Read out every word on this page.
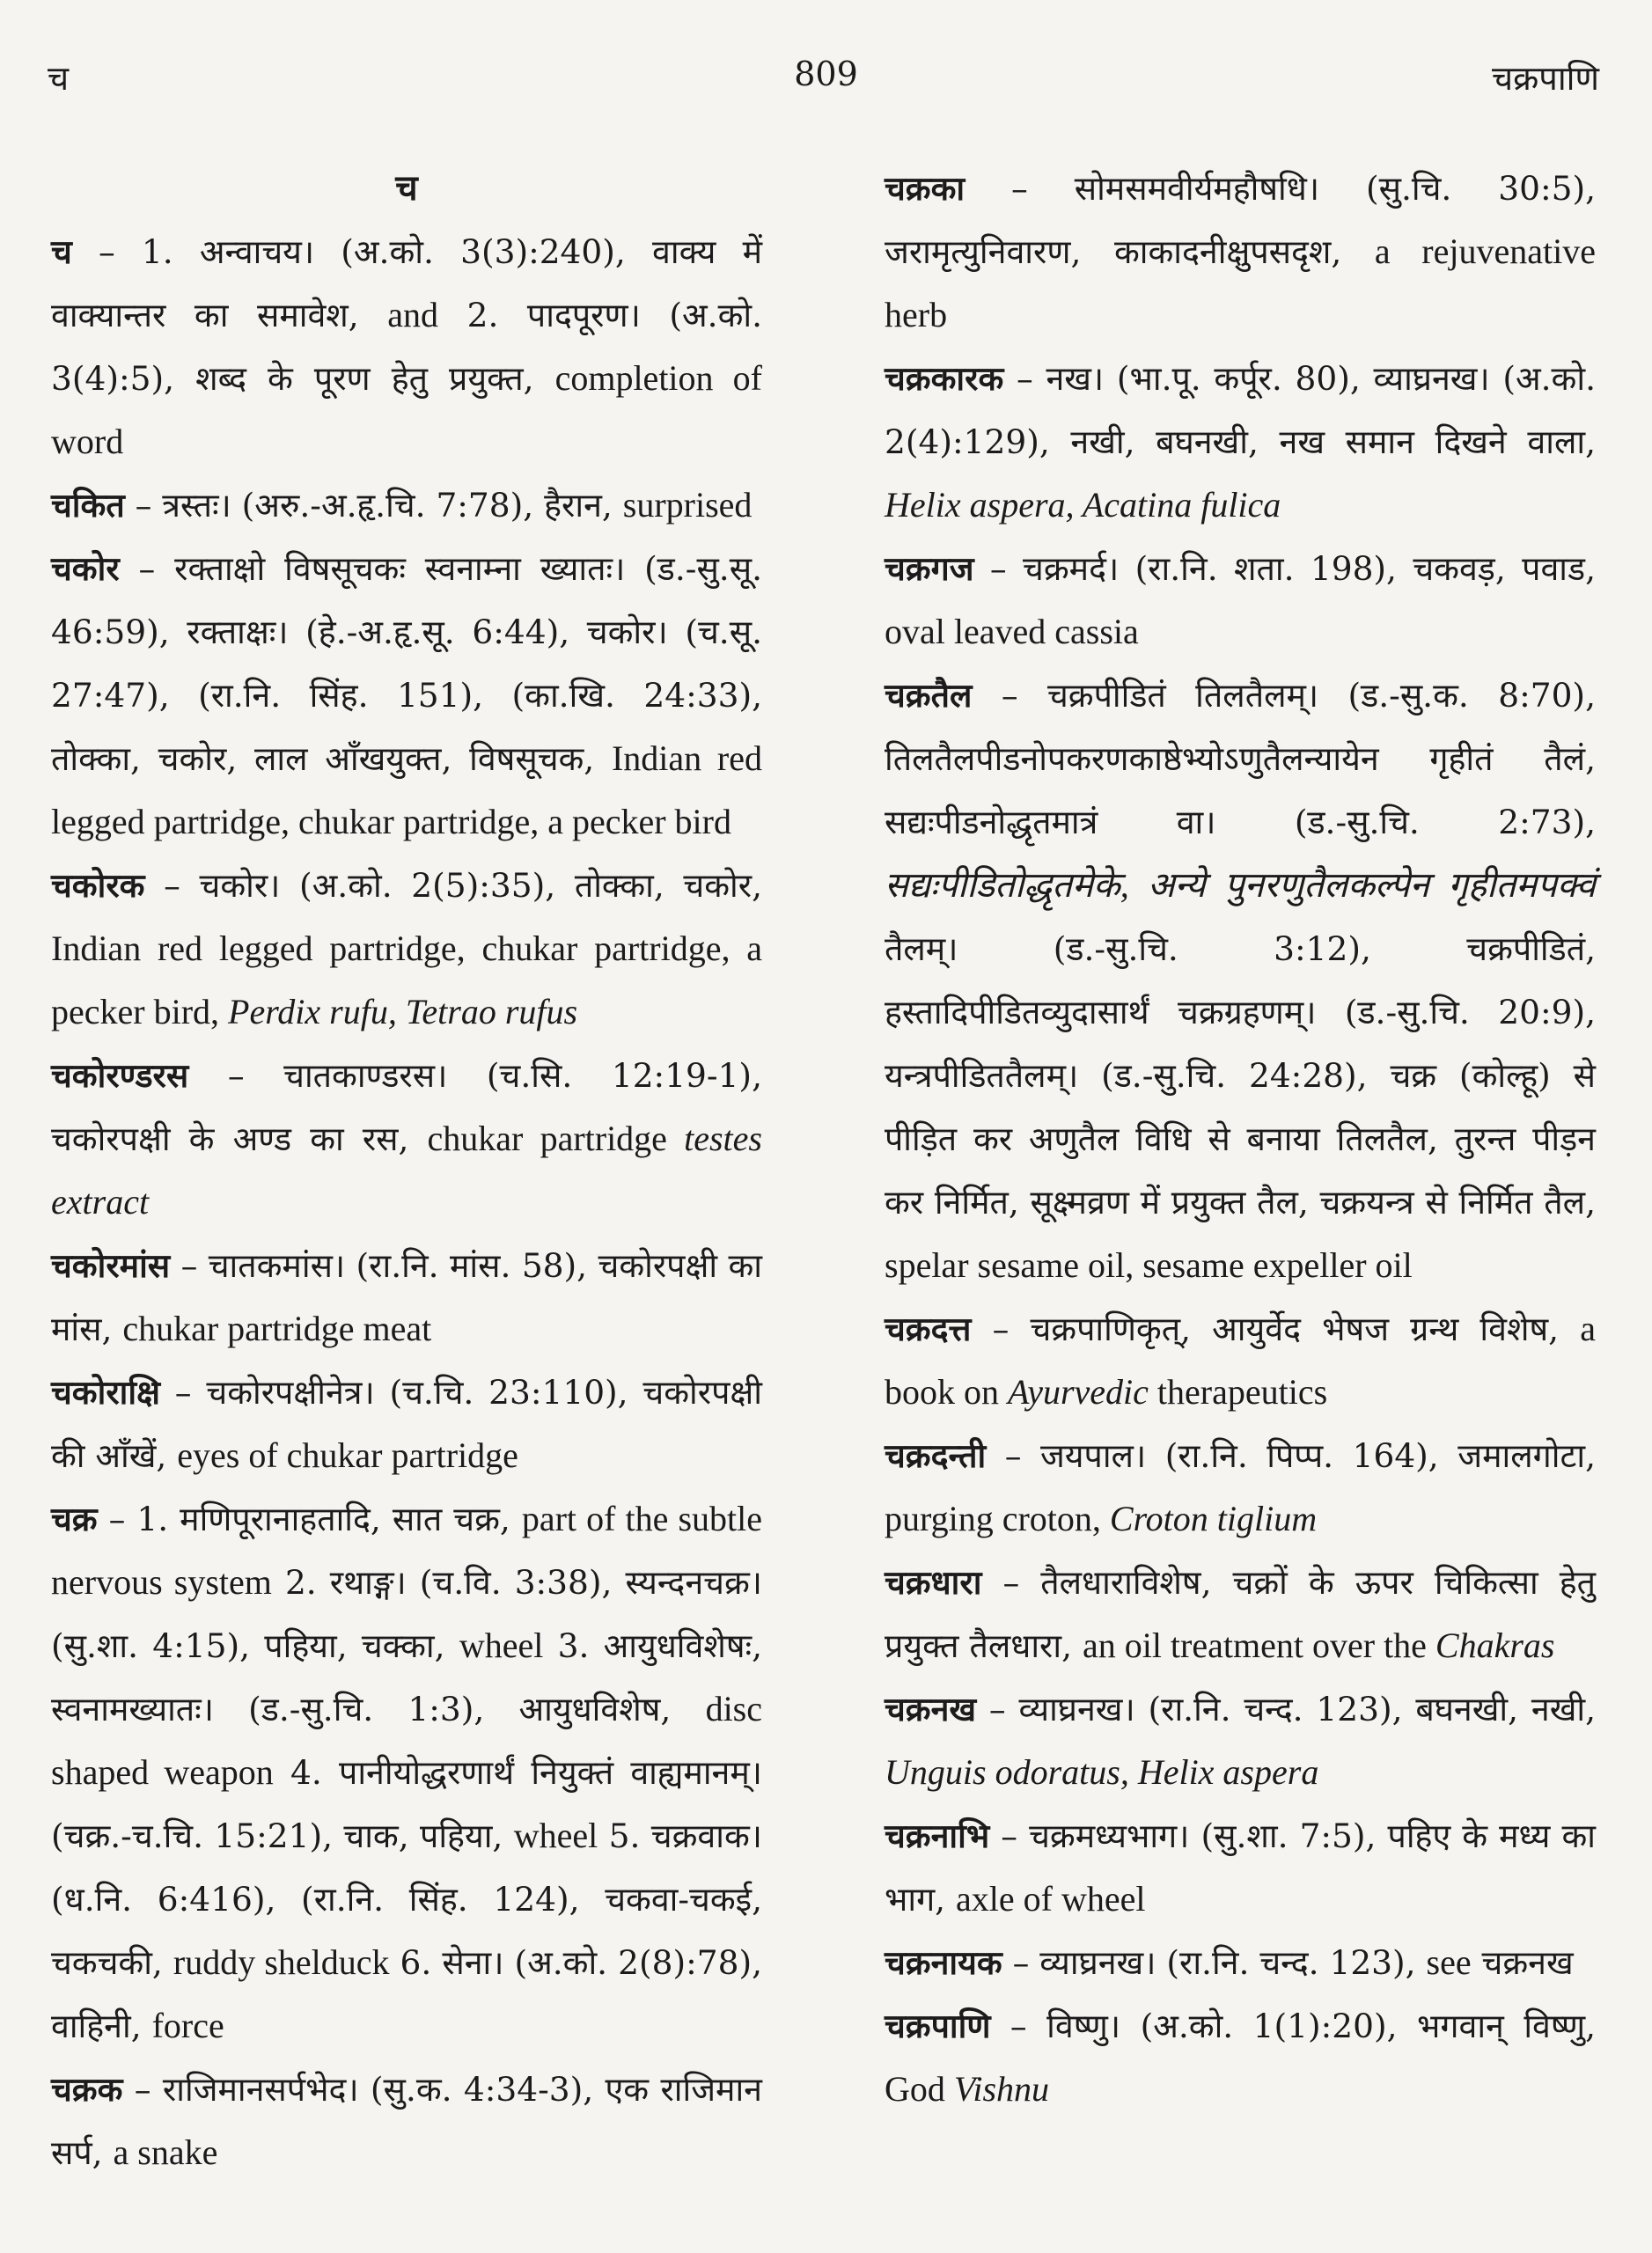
च	809	चक्रपाणि
च

च – 1. अन्वाचय। (अ.को. 3(3):240), वाक्य में वाक्यान्तर का समावेश, and 2. पादपूरण। (अ.को. 3(4):5), शब्द के पूरण हेतु प्रयुक्त, completion of word

चकित – त्रस्तः। (अरु.-अ.हृ.चि. 7:78), हैरान, surprised

चकोर – रक्ताक्षो विषसूचकः स्वनाम्ना ख्यातः। (ड.-सु.सू. 46:59), रक्ताक्षः। (हे.-अ.हृ.सू. 6:44), चकोर। (च.सू. 27:47), (रा.नि. सिंह. 151), (का.खि. 24:33), तोक्का, चकोर, लाल आँखयुक्त, विषसूचक, Indian red legged partridge, chukar partridge, a pecker bird

चकोरक – चकोर। (अ.को. 2(5):35), तोक्का, चकोर, Indian red legged partridge, chukar partridge, a pecker bird, Perdix rufu, Tetrao rufus

चकोरण्डरस – चातकाण्डरस। (च.सि. 12:19-1), चकोरपक्षी के अण्ड का रस, chukar partridge testes extract

चकोरमांस – चातकमांस। (रा.नि. मांस. 58), चकोरपक्षी का मांस, chukar partridge meat

चकोराक्षि – चकोरपक्षीनेत्र। (च.चि. 23:110), चकोरपक्षी की आँखें, eyes of chukar partridge

चक्र – 1. मणिपूरानाहतादि, सात चक्र, part of the subtle nervous system 2. रथाङ्ग। (च.वि. 3:38), स्यन्दनचक्र। (सु.शा. 4:15), पहिया, चक्का, wheel 3. आयुधविशेषः, स्वनामख्यातः। (ड.-सु.चि. 1:3), आयुधविशेष, disc shaped weapon 4. पानीयोद्धरणार्थं नियुक्तं वाह्यमानम्। (चक्र.-च.चि. 15:21), चाक, पहिया, wheel 5. चक्रवाक। (ध.नि. 6:416), (रा.नि. सिंह. 124), चकवा-चकई, चकचकी, ruddy shelduck 6. सेना। (अ.को. 2(8):78), वाहिनी, force

चक्रक – राजिमानसर्पभेद। (सु.क. 4:34-3), एक राजिमान सर्प, a snake

चक्रका – सोमसमवीर्यमहौषधि। (सु.चि. 30:5), जरामृत्युनिवारण, काकादनीक्षुपसदृश, a rejuvenative herb

चक्रकारक – नख। (भा.पू. कर्पूर. 80), व्याघ्रनख। (अ.को. 2(4):129), नखी, बघनखी, नख समान दिखने वाला, Helix aspera, Acatina fulica

चक्रगज – चक्रमर्द। (रा.नि. शता. 198), चकवड़, पवाड, oval leaved cassia

चक्रतैल – चक्रपीडितं तिलतैलम्। (ड.-सु.क. 8:70), तिलतैलपीडनोपकरणकाष्ठेभ्योऽणुतैलन्यायेन गृहीतं तैलं, सद्यःपीडनोद्धृतमात्रं वा। (ड.-सु.चि. 2:73), सद्यःपीडितोद्धृतमेके, अन्ये पुनरणुतैलकल्पेन गृहीतमपक्वं तैलम्। (ड.-सु.चि. 3:12), चक्रपीडितं, हस्तादिपीडितव्युदासार्थं चक्रग्रहणम्। (ड.-सु.चि. 20:9), यन्त्रपीडिततैलम्। (ड.-सु.चि. 24:28), चक्र (कोल्हू) से पीड़ित कर अणुतैल विधि से बनाया तिलतैल, तुरन्त पीड़न कर निर्मित, सूक्ष्मव्रण में प्रयुक्त तैल, चक्रयन्त्र से निर्मित तैल, spelar sesame oil, sesame expeller oil

चक्रदत्त – चक्रपाणिकृत्, आयुर्वेद भेषज ग्रन्थ विशेष, a book on Ayurvedic therapeutics

चक्रदन्ती – जयपाल। (रा.नि. पिप्प. 164), जमालगोटा, purging croton, Croton tiglium

चक्रधारा – तैलधाराविशेष, चक्रों के ऊपर चिकित्सा हेतु प्रयुक्त तैलधारा, an oil treatment over the Chakras

चक्रनख – व्याघ्रनख। (रा.नि. चन्द. 123), बघनखी, नखी, Unguis odoratus, Helix aspera

चक्रनाभि – चक्रमध्यभाग। (सु.शा. 7:5), पहिए के मध्य का भाग, axle of wheel

चक्रनायक – व्याघ्रनख। (रा.नि. चन्द. 123), see चक्रनख

चक्रपाणि – विष्णु। (अ.को. 1(1):20), भगवान् विष्णु, God Vishnu
